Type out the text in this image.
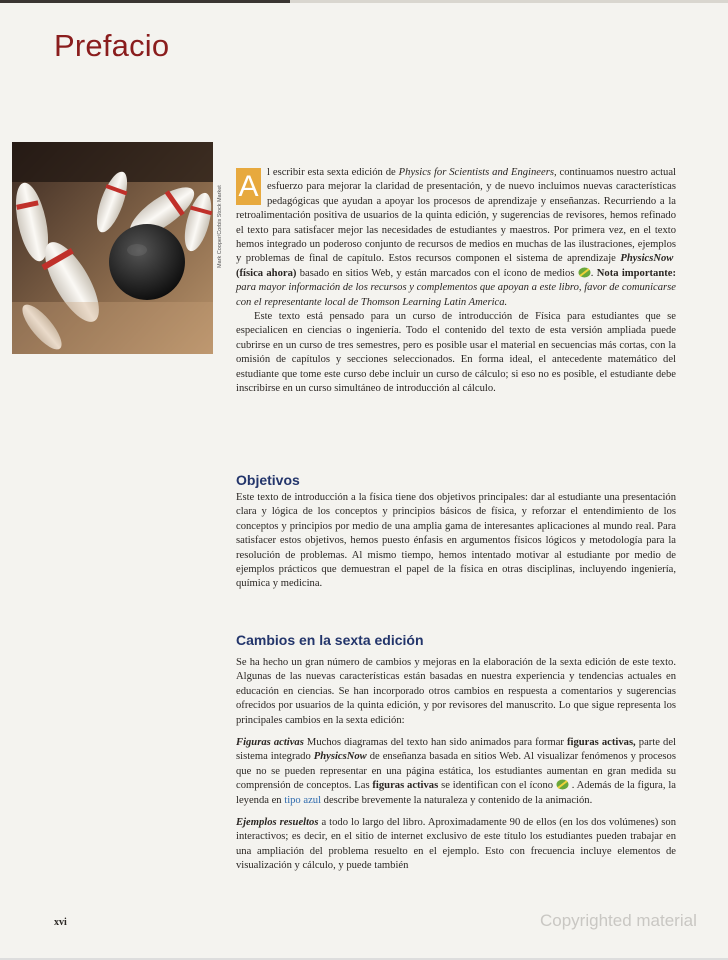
Prefacio
Mark Cooper/Corbis Stock Market A l escribir esta sexta edición de Physics for Scientists and Engineers, continuamos nuestro actual esfuerzo para mejorar la claridad de presentación, y de nuevo incluimos nuevas características pedagógicas que ayudan a apoyar los procesos de aprendizaje y enseñanzas. Recurriendo a la retroalimentación positiva de usuarios de la quinta edición, y sugerencias de revisores, hemos refinado el texto para satisfacer mejor las necesidades de estudiantes y maestros. Por primera vez, en el texto hemos integrado un poderoso conjunto de recursos de medios en muchas de las ilustraciones, ejemplos y problemas de final de capítulo. Estos recursos componen el sistema de aprendizaje PhysicsNow  (física ahora) basado en sitios Web, y están marcados con el ícono de medios . Nota importante: para mayor información de los recursos y complementos que apoyan a este libro, favor de comunicarse con el representante local de Thomson Learning Latin America.

Este texto está pensado para un curso de introducción de Física para estudiantes que se especialicen en ciencias o ingeniería. Todo el contenido del texto de esta versión ampliada puede cubrirse en un curso de tres semestres, pero es posible usar el material en secuencias más cortas, con la omisión de capítulos y secciones seleccionados. En forma ideal, el antecedente matemático del estudiante que tome este curso debe incluir un curso de cálculo; si eso no es posible, el estudiante debe inscribirse en un curso simultáneo de introducción al cálculo.

Objetivos

Este texto de introducción a la física tiene dos objetivos principales: dar al estudiante una presentación clara y lógica de los conceptos y principios básicos de física, y reforzar el entendimiento de los conceptos y principios por medio de una amplia gama de interesantes aplicaciones al mundo real. Para satisfacer estos objetivos, hemos puesto énfasis en argumentos físicos lógicos y metodología para la resolución de problemas. Al mismo tiempo, hemos intentado motivar al estudiante por medio de ejemplos prácticos que demuestran el papel de la física en otras disciplinas, incluyendo ingeniería, química y medicina.

Cambios en la sexta edición

Se ha hecho un gran número de cambios y mejoras en la elaboración de la sexta edición de este texto. Algunas de las nuevas características están basadas en nuestra experiencia y tendencias actuales en educación en ciencias. Se han incorporado otros cambios en respuesta a comentarios y sugerencias ofrecidos por usuarios de la quinta edición, y por revisores del manuscrito. Lo que sigue representa los principales cambios en la sexta edición:

Figuras activas Muchos diagramas del texto han sido animados para formar figuras activas, parte del sistema integrado PhysicsNow de enseñanza basada en sitios Web. Al visualizar fenómenos y procesos que no se pueden representar en una página estática, los estudiantes aumentan en gran medida su comprensión de conceptos. Las figuras activas se identifican con el ícono  . Además de la figura, la leyenda en tipo azul describe brevemente la naturaleza y contenido de la animación.

Ejemplos resueltos a todo lo largo del libro. Aproximadamente 90 de ellos (en los dos volúmenes) son interactivos; es decir, en el sitio de internet exclusivo de este título los estudiantes pueden trabajar en una ampliación del problema resuelto en el ejemplo. Esto con frecuencia incluye elementos de visualización y cálculo, y puede también

xvi	Copyrighted material
